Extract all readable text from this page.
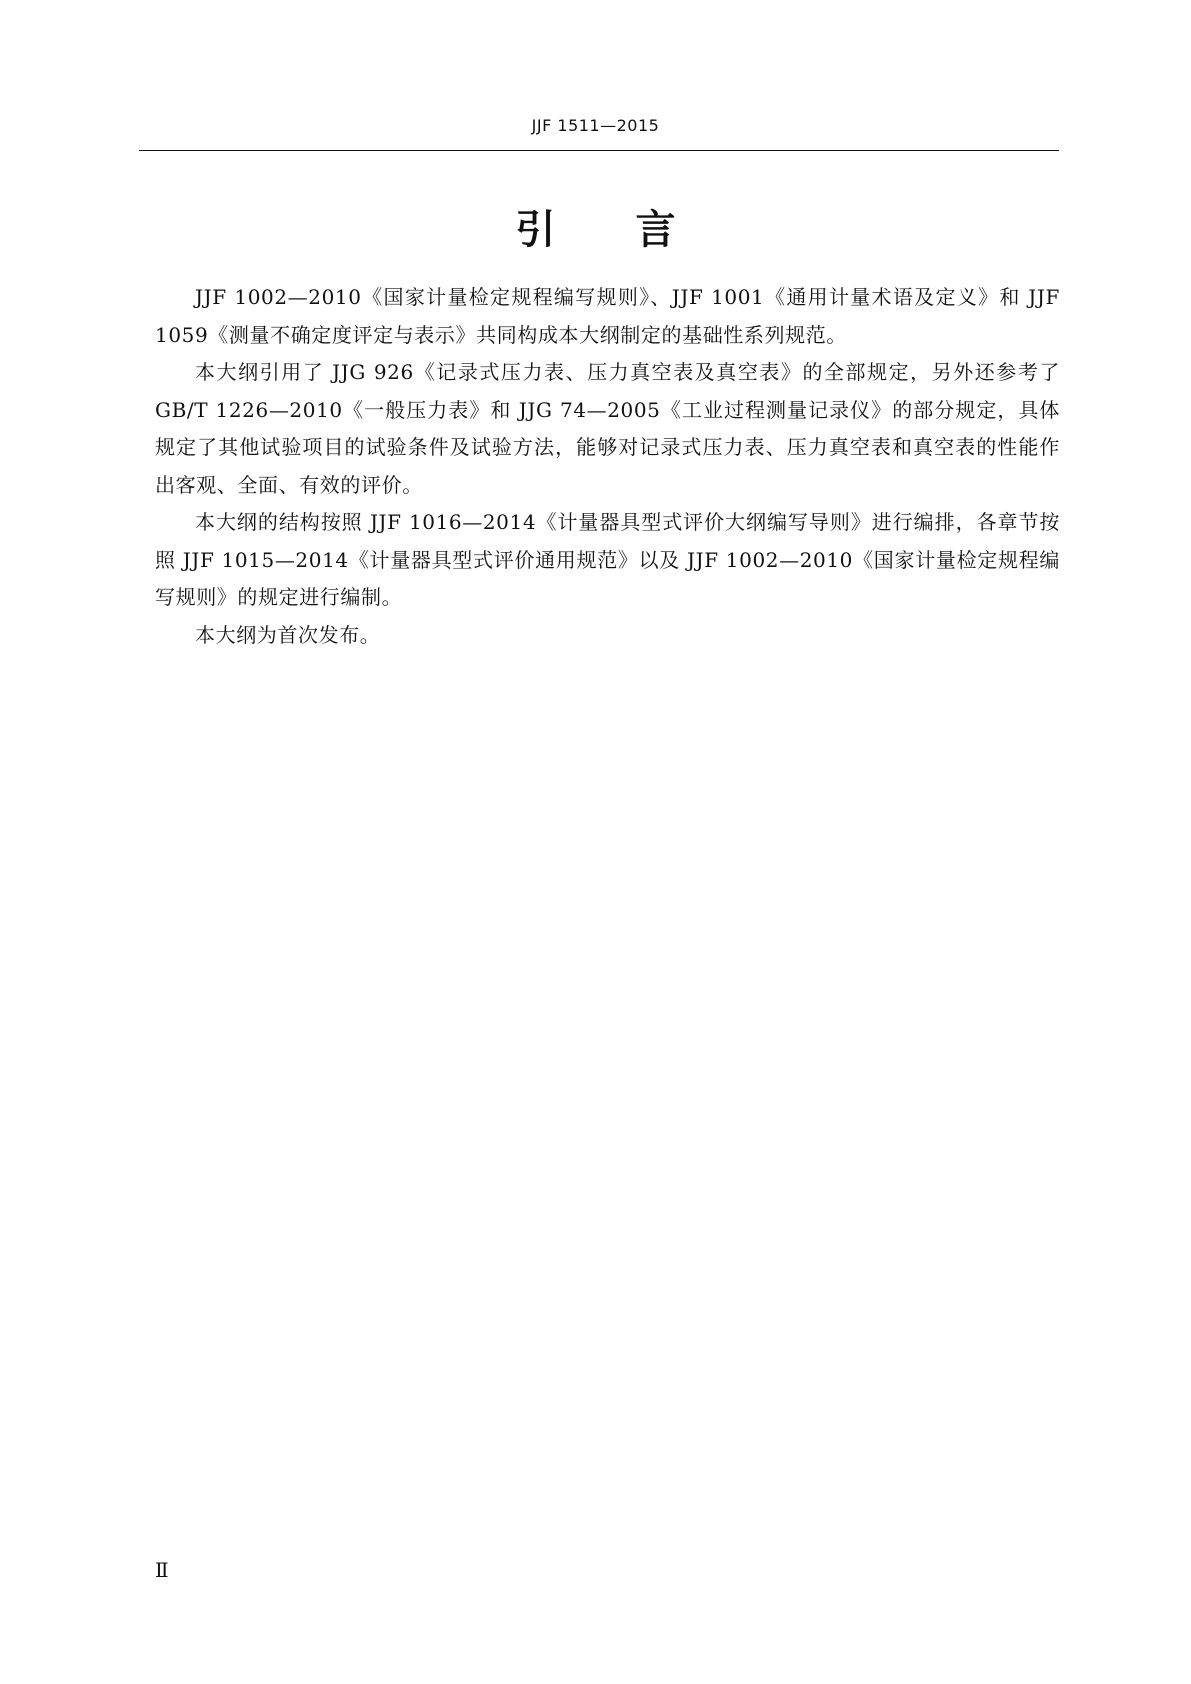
JJF 1511—2015
引言

JJF 1002—2010《国家计量检定规程编写规则》、JJF 1001《通用计量术语及定义》和 JJF 1059《测量不确定度评定与表示》共同构成本大纲制定的基础性系列规范。

本大纲引用了 JJG 926《记录式压力表、压力真空表及真空表》的全部规定，另外还参考了 GB/T 1226—2010《一般压力表》和 JJG 74—2005《工业过程测量记录仪》的部分规定，具体规定了其他试验项目的试验条件及试验方法，能够对记录式压力表、压力真空表和真空表的性能作出客观、全面、有效的评价。

本大纲的结构按照 JJF 1016—2014《计量器具型式评价大纲编写导则》进行编排，各章节按照 JJF 1015—2014《计量器具型式评价通用规范》以及 JJF 1002—2010《国家计量检定规程编写规则》的规定进行编制。

本大纲为首次发布。

Ⅱ
